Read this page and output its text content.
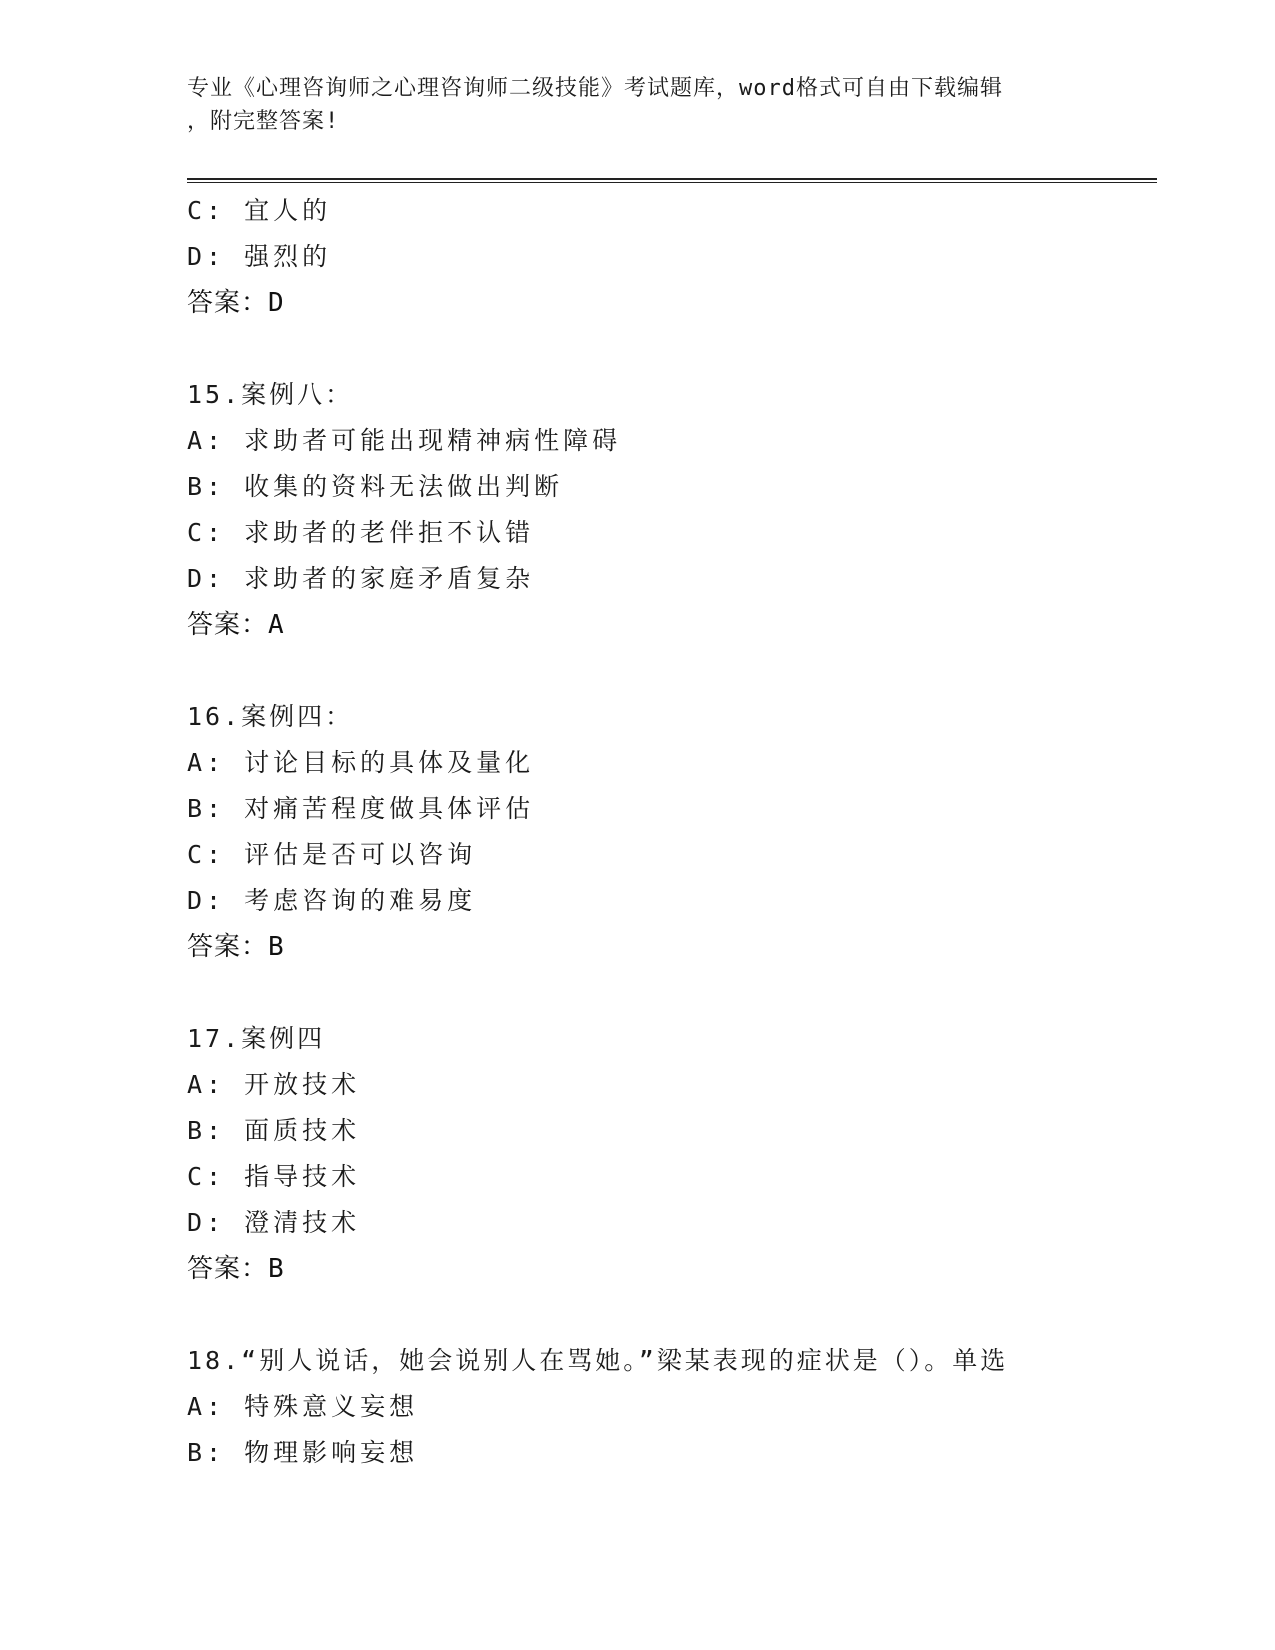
专业《心理咨询师之心理咨询师二级技能》考试题库，word格式可自由下载编辑
，附完整答案!
C: 宜人的
D: 强烈的
答案：D
15.案例八：
A: 求助者可能出现精神病性障碍
B: 收集的资料无法做出判断
C: 求助者的老伴拒不认错
D: 求助者的家庭矛盾复杂
答案：A
16.案例四：
A: 讨论目标的具体及量化
B: 对痛苦程度做具体评估
C: 评估是否可以咨询
D: 考虑咨询的难易度
答案：B
17.案例四
A: 开放技术
B: 面质技术
C: 指导技术
D: 澄清技术
答案：B
18.“别人说话，她会说别人在骂她。”梁某表现的症状是（）。单选
A: 特殊意义妄想
B: 物理影响妄想
